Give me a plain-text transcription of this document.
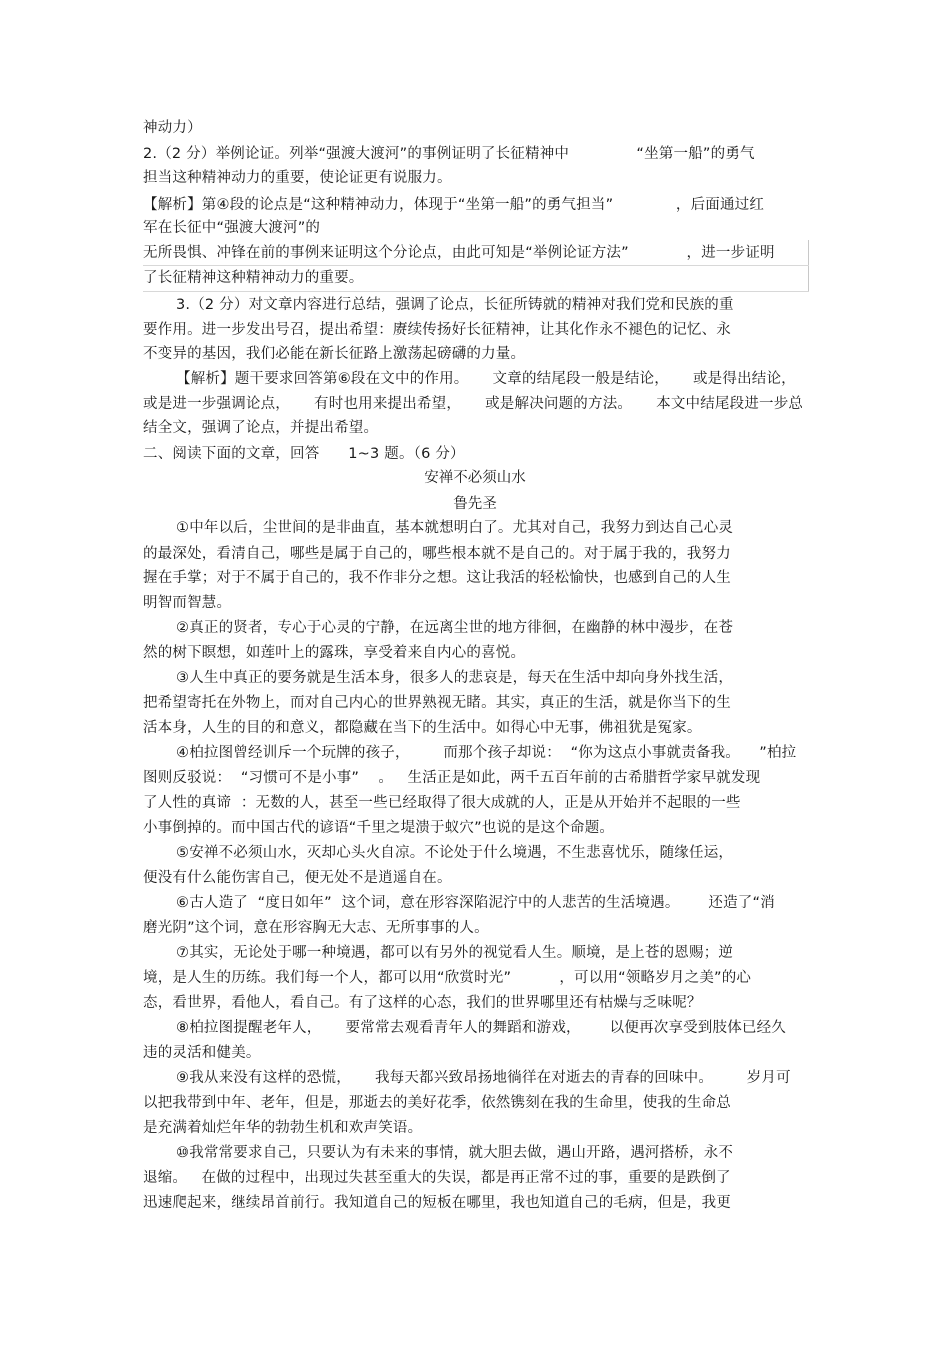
神动力）
2.（2 分）举例论证。列举“强渡大渡河”的事例证明了长征精神中              “坐第一船”的勇气
担当这种精神动力的重要，使论证更有说服力。
【解析】第④段的论点是“这种精神动力，体现于“坐第一船”的勇气担当”             ，后面通过红
军在长征中“强渡大渡河”的
无所畏惧、冲锋在前的事例来证明这个分论点，由此可知是“举例论证方法”            ，进一步证明
了长征精神这种精神动力的重要。
3.（2 分）对文章内容进行总结，强调了论点，长征所铸就的精神对我们党和民族的重
要作用。进一步发出号召，提出希望：赓续传扬好长征精神，让其化作永不褪色的记忆、永
不变异的基因，我们必能在新长征路上激荡起磅礴的力量。
【解析】题干要求回答第⑥段在文中的作用。     文章的结尾段一般是结论，     或是得出结论，
或是进一步强调论点，     有时也用来提出希望，     或是解决问题的方法。     本文中结尾段进一步总
结全文，强调了论点，并提出希望。
二、阅读下面的文章，回答      1~3 题。（6 分）
安禅不必须山水
鲁先圣
①中年以后，尘世间的是非曲直，基本就想明白了。尤其对自己，我努力到达自己心灵
的最深处，看清自己，哪些是属于自己的，哪些根本就不是自己的。对于属于我的，我努力
握在手掌；对于不属于自己的，我不作非分之想。这让我活的轻松愉快，也感到自己的人生
明智而智慧。
②真正的贤者，专心于心灵的宁静，在远离尘世的地方徘徊，在幽静的林中漫步，在苍
然的树下瞑想，如莲叶上的露珠，享受着来自内心的喜悦。
③人生中真正的要务就是生活本身，很多人的悲哀是，每天在生活中却向身外找生活，
把希望寄托在外物上，而对自己内心的世界熟视无睹。其实，真正的生活，就是你当下的生
活本身，人生的目的和意义，都隐藏在当下的生活中。如得心中无事，佛祖犹是冤家。
④柏拉图曾经训斥一个玩牌的孩子，       而那个孩子却说：  “你为这点小事就责备我。    ”柏拉
图则反驳说：  “习惯可不是小事”    。   生活正是如此，两千五百年前的古希腊哲学家早就发现
了人性的真谛  ：无数的人，甚至一些已经取得了很大成就的人，正是从开始并不起眼的一些
小事倒掉的。而中国古代的谚语“千里之堤溃于蚁穴”也说的是这个命题。
⑤安禅不必须山水，灭却心头火自凉。不论处于什么境遇，不生悲喜忧乐，随缘任运，
便没有什么能伤害自己，便无处不是逍遥自在。
⑥古人造了  “度日如年”  这个词，意在形容深陷泥泞中的人悲苦的生活境遇。      还造了“消
磨光阴”这个词，意在形容胸无大志、无所事事的人。
⑦其实，无论处于哪一种境遇，都可以有另外的视觉看人生。顺境，是上苍的恩赐；逆
境，是人生的历练。我们每一个人，都可以用“欣赏时光”          ，可以用“领略岁月之美”的心
态，看世界，看他人，看自己。有了这样的心态，我们的世界哪里还有枯燥与乏味呢？
⑧柏拉图提醒老年人，     要常常去观看青年人的舞蹈和游戏，      以便再次享受到肢体已经久
违的灵活和健美。
⑨我从来没有这样的恐慌，     我每天都兴致昂扬地徜徉在对逝去的青春的回味中。       岁月可
以把我带到中年、老年，但是，那逝去的美好花季，依然镌刻在我的生命里，使我的生命总
是充满着灿烂年华的勃勃生机和欢声笑语。
⑩我常常要求自己，只要认为有未来的事情，就大胆去做，遇山开路，遇河搭桥，永不
退缩。   在做的过程中，出现过失甚至重大的失误，都是再正常不过的事，重要的是跌倒了
迅速爬起来，继续昂首前行。我知道自己的短板在哪里，我也知道自己的毛病，但是，我更
